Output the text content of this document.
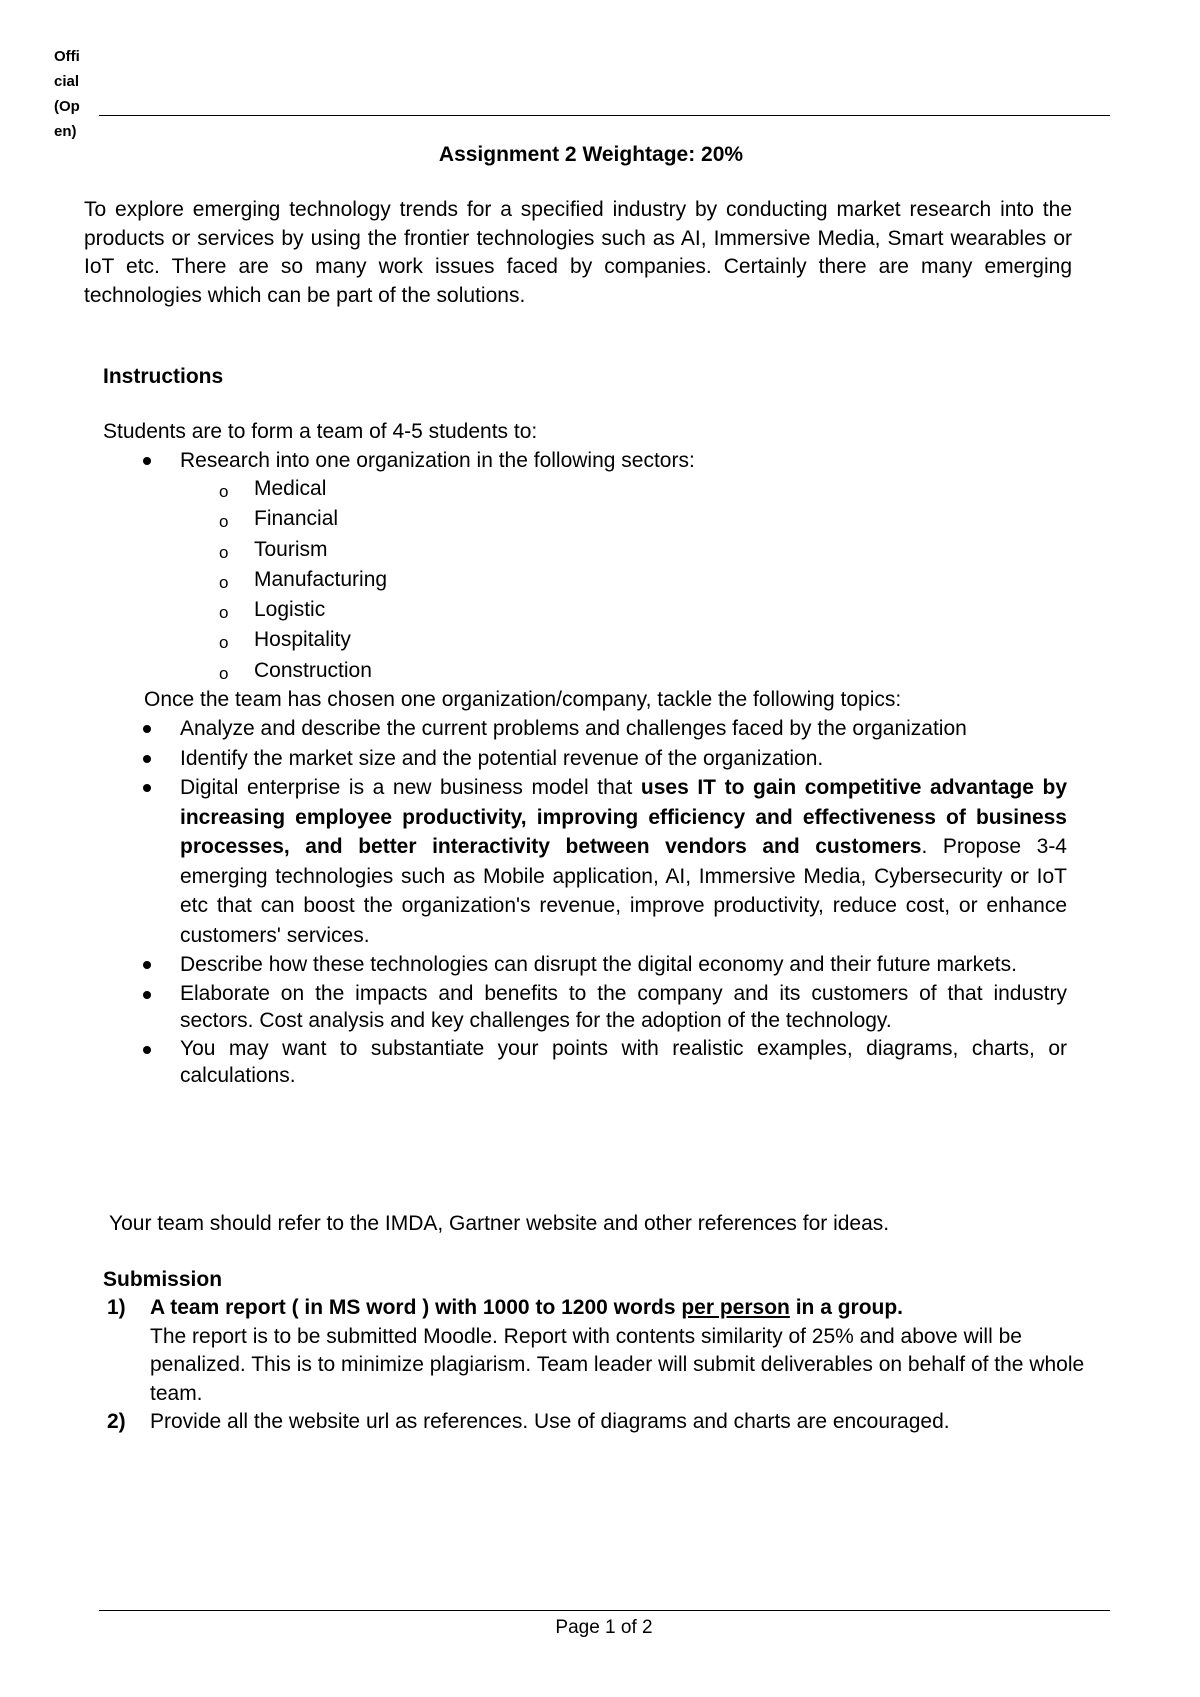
Offi
cial
(Op
en)
Assignment 2 Weightage: 20%

To explore emerging technology trends for a specified industry by conducting market research into the products or services by using the frontier technologies such as AI, Immersive Media, Smart wearables or IoT etc. There are so many work issues faced by companies. Certainly there are many emerging technologies which can be part of the solutions.

Instructions

Students are to form a team of 4-5 students to:

Research into one organization in the following sectors:
o Medical
o Financial
o Tourism
o Manufacturing
o Logistic
o Hospitality
o Construction

Once the team has chosen one organization/company, tackle the following topics:

Analyze and describe the current problems and challenges faced by the organization
Identify the market size and the potential revenue of the organization.
Digital enterprise is a new business model that uses IT to gain competitive advantage by increasing employee productivity, improving efficiency and effectiveness of business processes, and better interactivity between vendors and customers. Propose 3-4 emerging technologies such as Mobile application, AI, Immersive Media, Cybersecurity or IoT etc that can boost the organization's revenue, improve productivity, reduce cost, or enhance customers' services.
Describe how these technologies can disrupt the digital economy and their future markets.
Elaborate on the impacts and benefits to the company and its customers of that industry sectors. Cost analysis and key challenges for the adoption of the technology.
You may want to substantiate your points with realistic examples, diagrams, charts, or calculations.

Your team should refer to the IMDA, Gartner website and other references for ideas.

Submission

1) A team report ( in MS word ) with 1000 to 1200 words per person in a group.
The report is to be submitted Moodle. Report with contents similarity of 25% and above will be penalized. This is to minimize plagiarism. Team leader will submit deliverables on behalf of the whole team.
2) Provide all the website url as references. Use of diagrams and charts are encouraged.
Page 1 of 2
